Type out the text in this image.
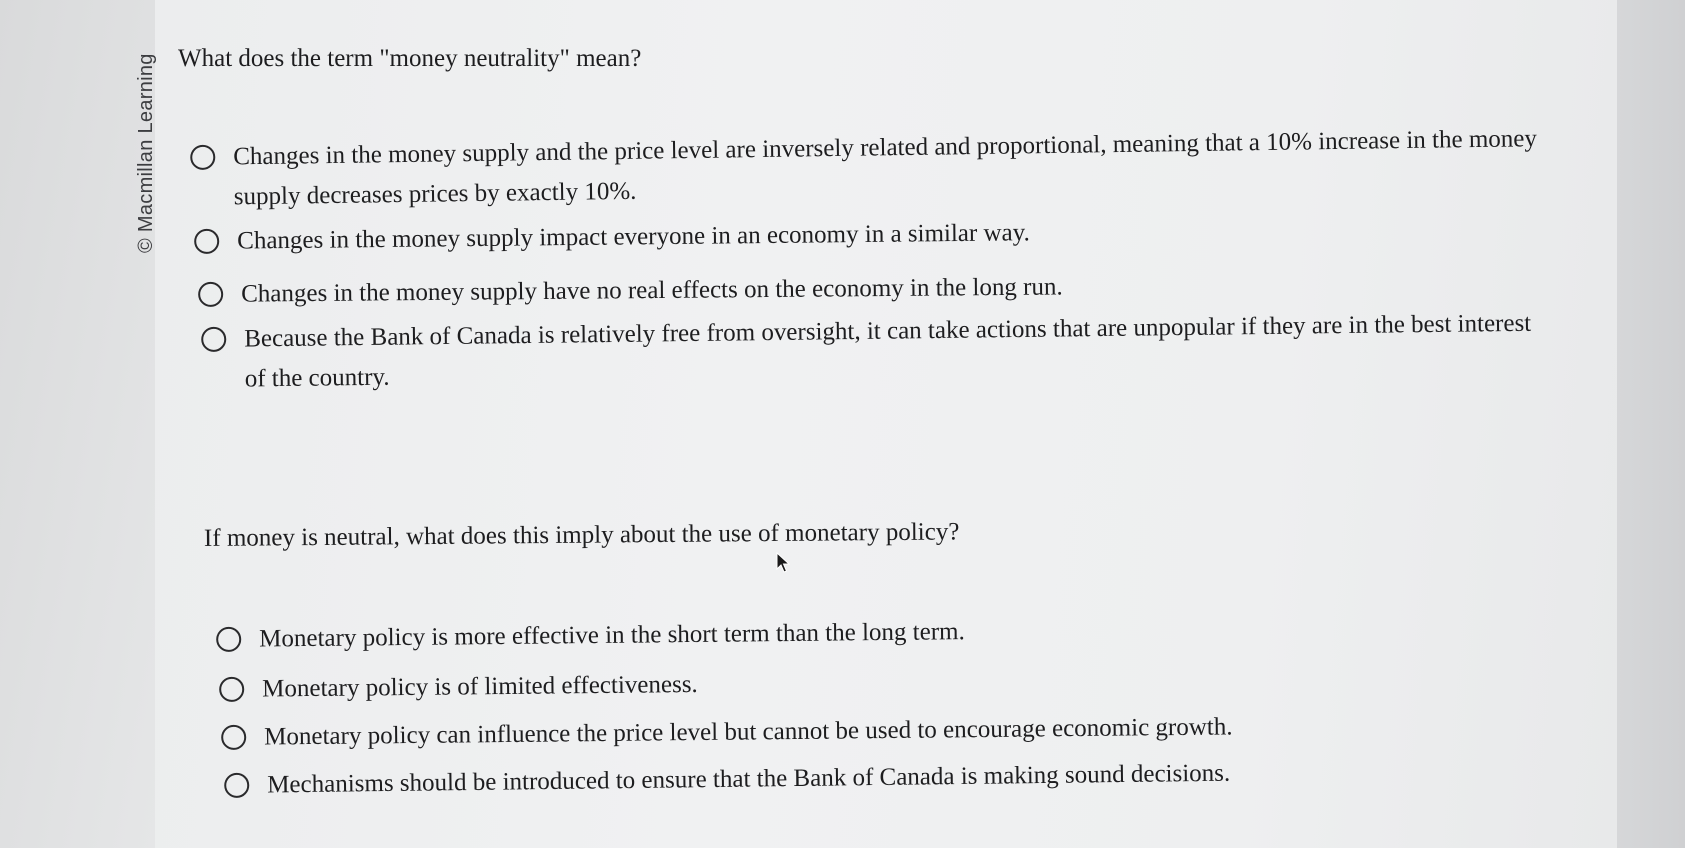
© Macmillan Learning What does the term "money neutrality" mean?
Changes in the money supply and the price level are inversely related and proportional, meaning that a 10% increase in the money supply decreases prices by exactly 10%.
Changes in the money supply impact everyone in an economy in a similar way.
Changes in the money supply have no real effects on the economy in the long run.
Because the Bank of Canada is relatively free from oversight, it can take actions that are unpopular if they are in the best interest of the country.
If money is neutral, what does this imply about the use of monetary policy?
Monetary policy is more effective in the short term than the long term.
Monetary policy is of limited effectiveness.
Monetary policy can influence the price level but cannot be used to encourage economic growth.
Mechanisms should be introduced to ensure that the Bank of Canada is making sound decisions.
